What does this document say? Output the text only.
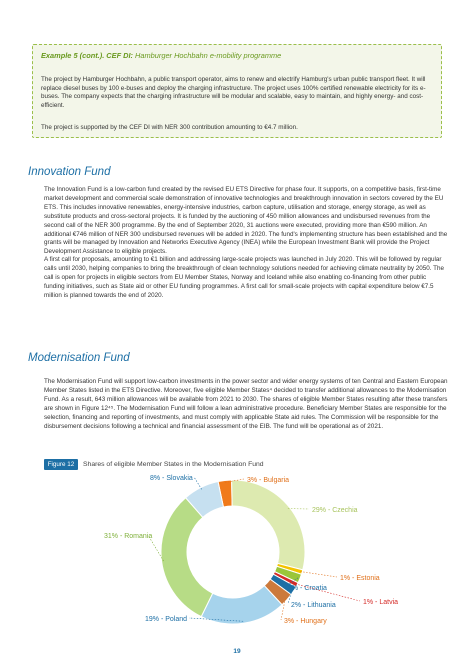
Example 5 (cont.). CEF DI: Hamburger Hochbahn e-mobility programme

The project by Hamburger Hochbahn, a public transport operator, aims to renew and electrify Hamburg's urban public transport fleet. It will replace diesel buses by 100 e-buses and deploy the charging infrastructure. The project uses 100% certified renewable electricity for its e-buses. The company expects that the charging infrastructure will be modular and scalable, easy to maintain, and highly energy- and cost-efficient.

The project is supported by the CEF DI with NER 300 contribution amounting to €4.7 million.

Innovation Fund

The Innovation Fund is a low-carbon fund created by the revised EU ETS Directive for phase four. It supports, on a competitive basis, first-time market development and commercial scale demonstration of innovative technologies and breakthrough innovation in sectors covered by the EU ETS. This includes innovative renewables, energy-intensive industries, carbon capture, utilisation and storage, energy storage, as well as substitute products and cross-sectoral projects. It is funded by the auctioning of 450 million allowances and undisbursed revenues from the second call of the NER 300 programme. By the end of September 2020, 31 auctions were executed, providing more than €590 million. An additional €746 million of NER 300 undisbursed revenues will be added in 2020. The fund's implementing structure has been established and the grants will be managed by Innovation and Networks Executive Agency (INEA) while the European Investment Bank will provide the Project Development Assistance to eligible projects.

A first call for proposals, amounting to €1 billion and addressing large-scale projects was launched in July 2020. This will be followed by regular calls until 2030, helping companies to bring the breakthrough of clean technology solutions needed for achieving climate neutrality by 2050. The call is open for projects in eligible sectors from EU Member States, Norway and Iceland while also enabling co-financing from other public funding initiatives, such as State aid or other EU funding programmes. A first call for small-scale projects with capital expenditure below €7.5 million is planned towards the end of 2020.

Modernisation Fund

The Modernisation Fund will support low-carbon investments in the power sector and wider energy systems of ten Central and Eastern European Member States listed in the ETS Directive. Moreover, five eligible Member States⁴ decided to transfer additional allowances to the Modernisation Fund. As a result, 643 million allowances will be available from 2021 to 2030. The shares of eligible Member States resulting after these transfers are shown in Figure 12⁴⁵. The Modernisation Fund will follow a lean administrative procedure. Beneficiary Member States are responsible for the selection, financing and reporting of investments, and must comply with applicable State aid rules. The Commission will be responsible for the disbursement decisions following a technical and financial assessment of the EIB. The fund will be operational as of 2021.

Figure 12	Shares of eligible Member States in the Modernisation Fund
3% - Bulgaria
29% - Czechia
1% - Estonia
2% - Croatia
1% - Latvia
2% - Lithuania
3% - Hungary
19% - Poland
31% - Romania
8% - Slovakia
19
